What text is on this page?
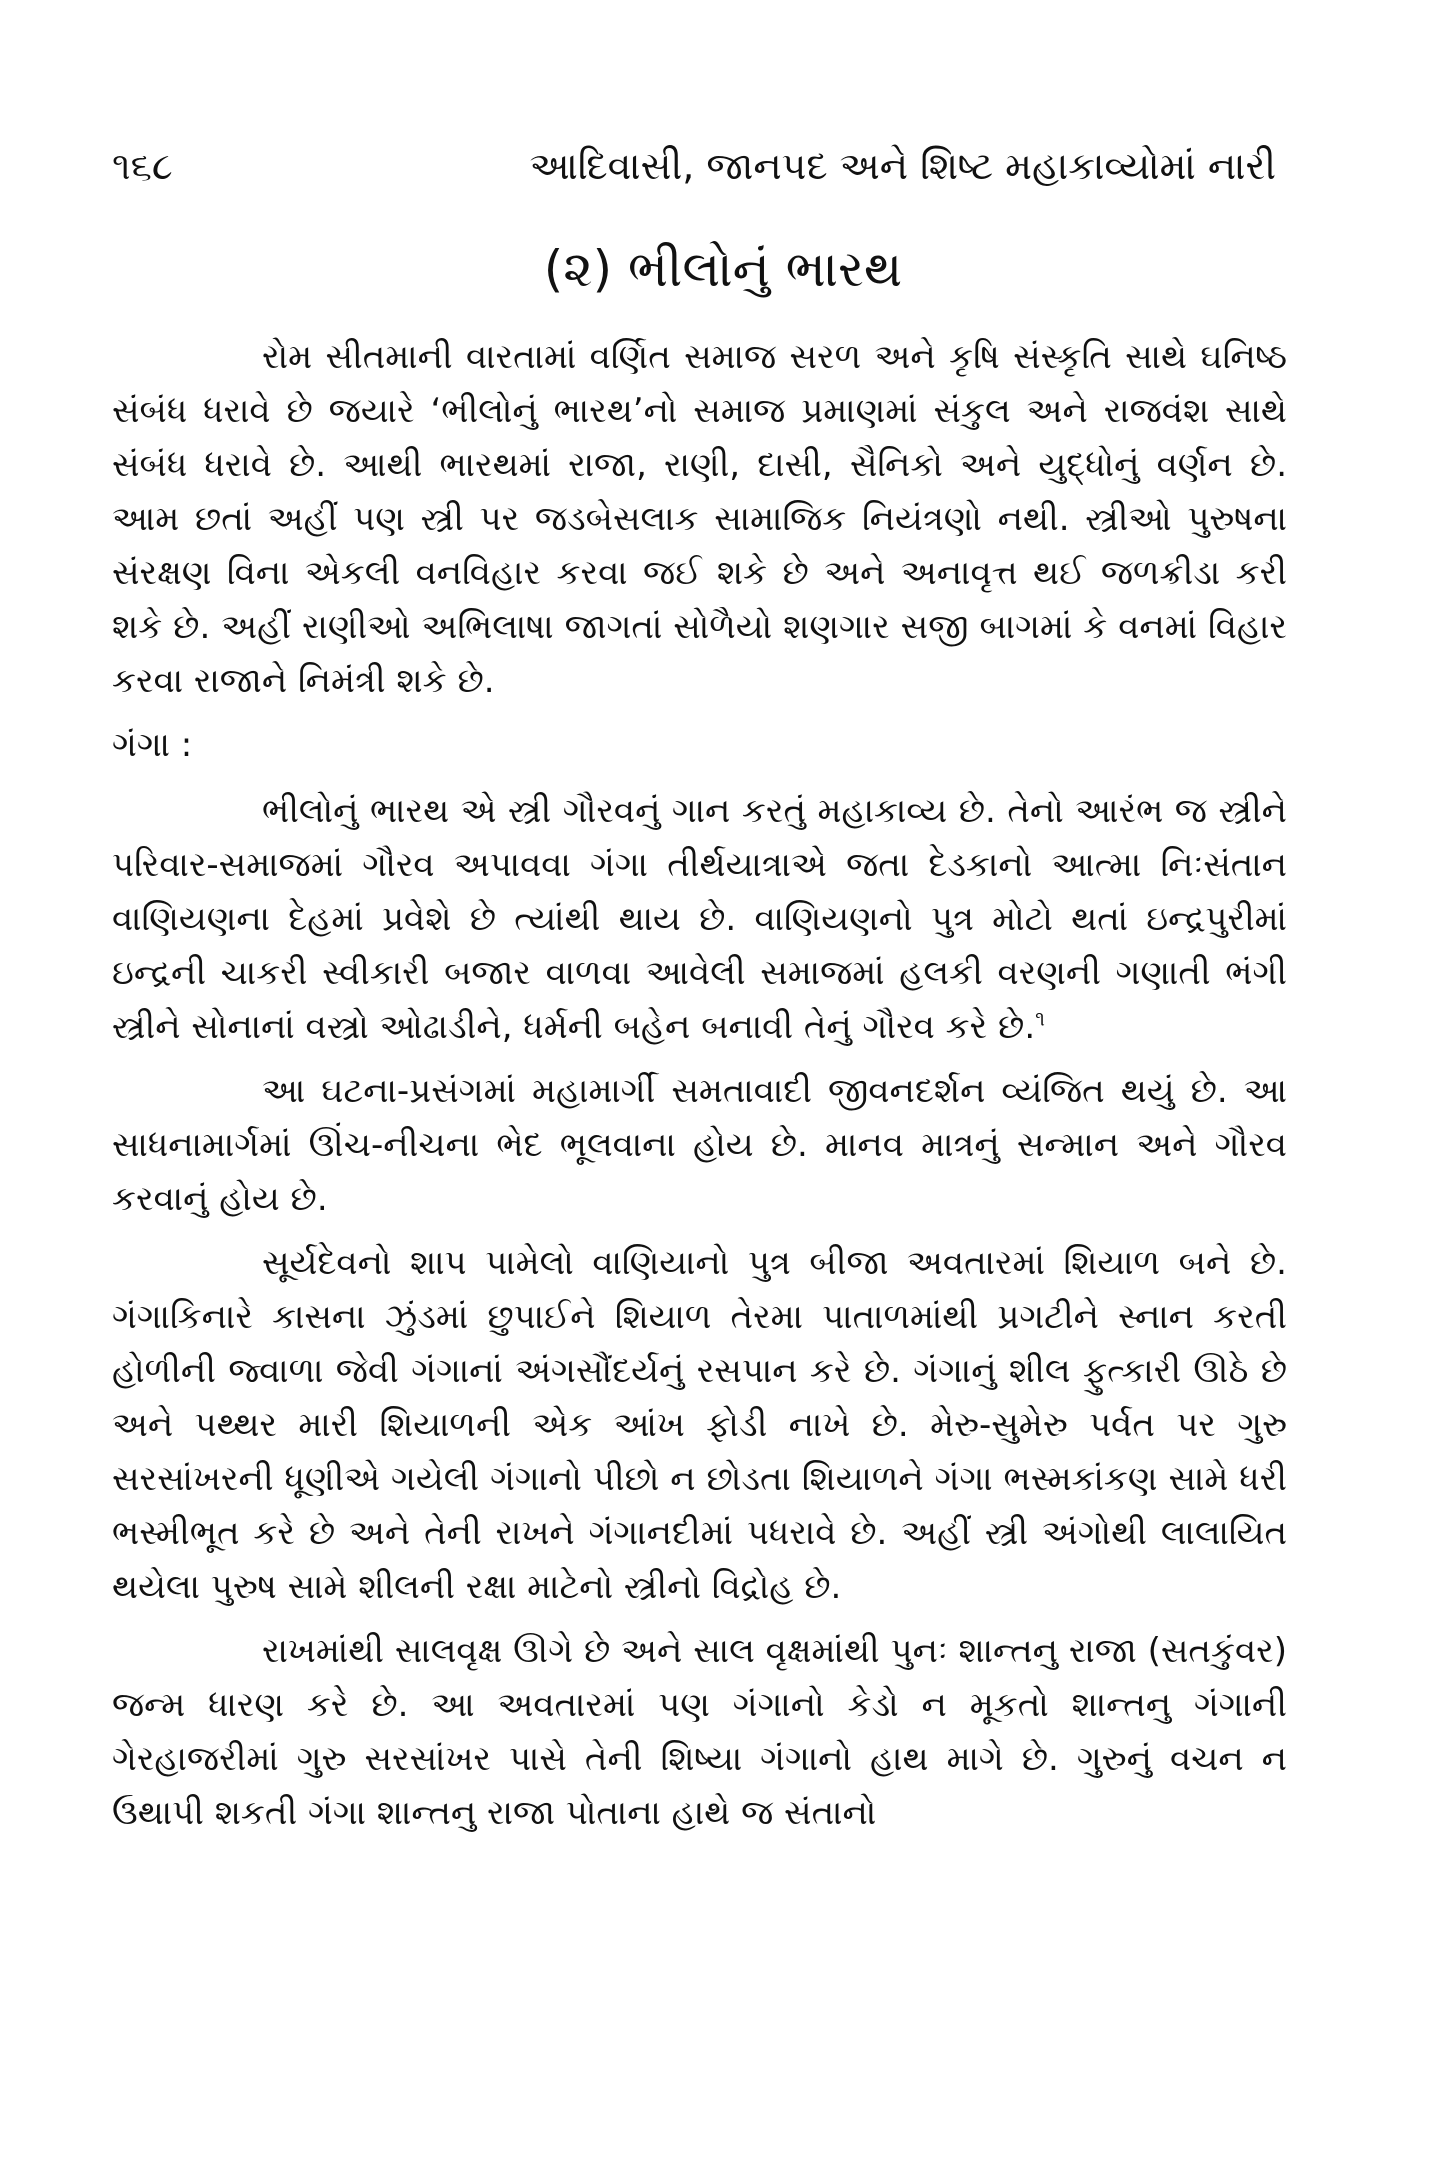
૧૬૮	આદિવાસી, જાનપદ અને શિષ્ટ મહાકાવ્યોમાં નારી
(૨) ભીલોનું ભારથ

રોમ સીતમાની વારતામાં વર્ણિત સમાજ સરળ અને કૃષિ સંસ્કૃતિ સાથે ઘનિષ્ઠ સંબંધ ધરાવે છે જયારે ‘ભીલોનું ભારથ’નો સમાજ પ્રમાણમાં સંકુલ અને રાજવંશ સાથે સંબંધ ધરાવે છે. આથી ભારથમાં રાજા, રાણી, દાસી, સૈનિકો અને યુદ્ધોનું વર્ણન છે. આમ છતાં અહીં પણ સ્ત્રી પર જડબેસલાક સામાજિક નિયંત્રણો નથી. સ્ત્રીઓ પુરુષના સંરક્ષણ વિના એકલી વનવિહાર કરવા જઈ શકે છે અને અનાવૃત્ત થઈ જળક્રીડા કરી શકે છે. અહીં રાણીઓ અભિલાષા જાગતાં સોળૈયો શણગાર સજી બાગમાં કે વનમાં વિહાર કરવા રાજાને નિમંત્રી શકે છે.

ગંગા :

ભીલોનું ભારથ એ સ્ત્રી ગૌરવનું ગાન કરતું મહાકાવ્ય છે. તેનો આરંભ જ સ્ત્રીને પરિવાર-સમાજમાં ગૌરવ અપાવવા ગંગા તીર્થયાત્રાએ જતા દેડકાનો આત્મા નિઃસંતાન વાણિયણના દેહમાં પ્રવેશે છે ત્યાંથી થાય છે. વાણિયણનો પુત્ર મોટો થતાં ઇન્દ્રપુરીમાં ઇન્દ્રની ચાકરી સ્વીકારી બજાર વાળવા આવેલી સમાજમાં હલકી વરણની ગણાતી ભંગી સ્ત્રીને સોનાનાં વસ્ત્રો ઓઢાડીને, ધર્મની બહેન બનાવી તેનું ગૌરવ કરે છે.$^૧$

આ ઘટના-પ્રસંગમાં મહામાર્ગી સમતાવાદી જીવનદર્શન વ્યંજિત થયું છે. આ સાધનામાર્ગમાં ઊંચ-નીચના ભેદ ભૂલવાના હોય છે. માનવ માત્રનું સન્માન અને ગૌરવ કરવાનું હોય છે.

સૂર્યદેવનો શાપ પામેલો વાણિયાનો પુત્ર બીજા અવતારમાં શિયાળ બને છે. ગંગાકિનારે કાસના ઝુંડમાં છુપાઈને શિયાળ તેરમા પાતાળમાંથી પ્રગટીને સ્નાન કરતી હોળીની જ્વાળા જેવી ગંગાનાં અંગસૌંદર્યનું રસપાન કરે છે. ગંગાનું શીલ ફુત્કારી ઊઠે છે અને પથ્થર મારી શિયાળની એક આંખ ફોડી નાખે છે. મેરુ-સુમેરુ પર્વત પર ગુરુ સરસાંખરની ધૂણીએ ગયેલી ગંગાનો પીછો ન છોડતા શિયાળને ગંગા ભસ્મકાંકણ સામે ધરી ભસ્મીભૂત કરે છે અને તેની રાખને ગંગાનદીમાં પધરાવે છે. અહીં સ્ત્રી અંગોથી લાલાયિત થયેલા પુરુષ સામે શીલની રક્ષા માટેનો સ્ત્રીનો વિદ્રોહ છે.

રાખમાંથી સાલવૃક્ષ ઊગે છે અને સાલ વૃક્ષમાંથી પુનઃ શાન્તનુ રાજા (સતકુંવર) જન્મ ધારણ કરે છે. આ અવતારમાં પણ ગંગાનો કેડો ન મૂકતો શાન્તનુ ગંગાની ગેરહાજરીમાં ગુરુ સરસાંખર પાસે તેની શિષ્યા ગંગાનો હાથ માગે છે. ગુરુનું વચન ન ઉથાપી શકતી ગંગા શાન્તનુ રાજા પોતાના હાથે જ સંતાનો
